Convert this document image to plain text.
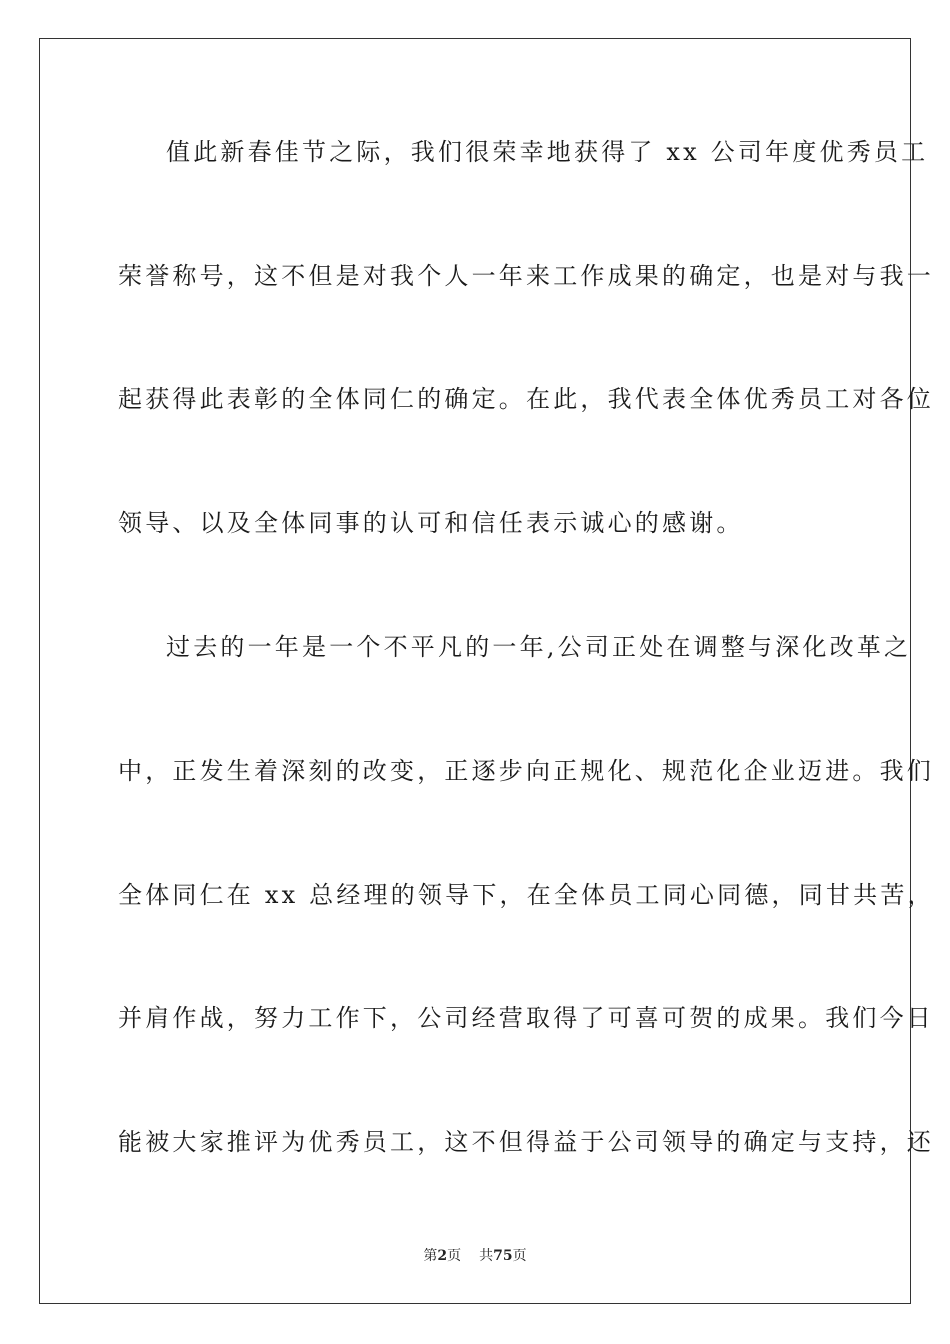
值此新春佳节之际，我们很荣幸地获得了 xx 公司年度优秀员工
荣誉称号，这不但是对我个人一年来工作成果的确定，也是对与我一
起获得此表彰的全体同仁的确定。在此，我代表全体优秀员工对各位
领导、以及全体同事的认可和信任表示诚心的感谢。
过去的一年是一个不平凡的一年,公司正处在调整与深化改革之
中，正发生着深刻的改变，正逐步向正规化、规范化企业迈进。我们
全体同仁在 xx 总经理的领导下，在全体员工同心同德，同甘共苦，
并肩作战，努力工作下，公司经营取得了可喜可贺的成果。我们今日
能被大家推评为优秀员工，这不但得益于公司领导的确定与支持，还
第2页 共75页
